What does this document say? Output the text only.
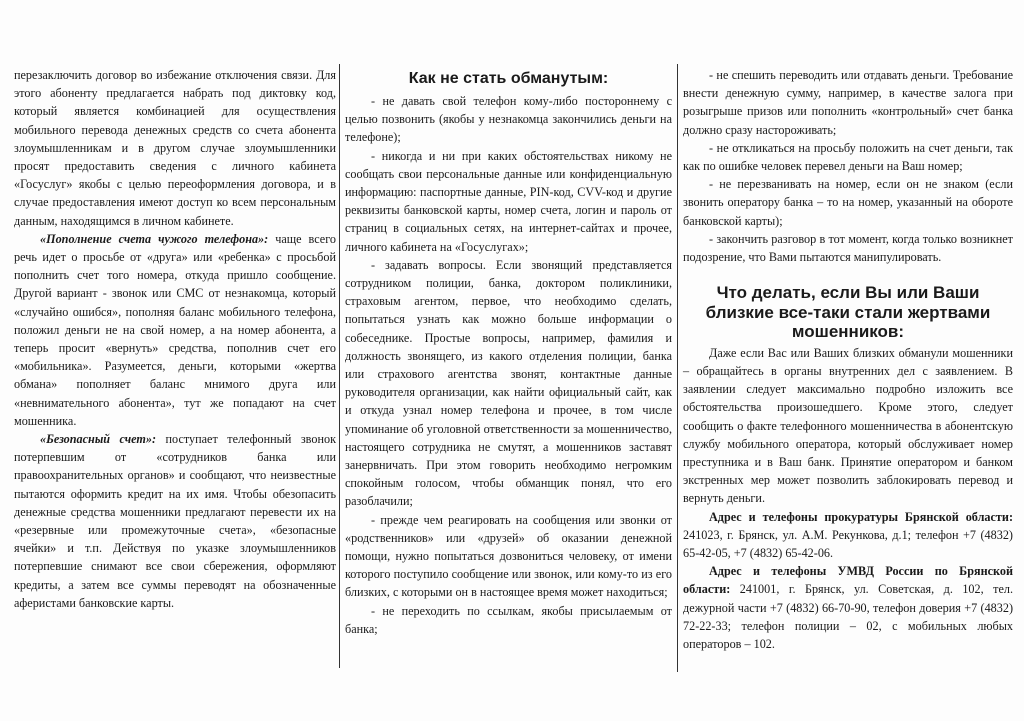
перезаключить договор во избежание отключения связи. Для этого абоненту предлагается набрать под диктовку код, который является комбинацией для осуществления мобильного перевода денежных средств со счета абонента злоумышленникам и в другом случае злоумышленники просят предоставить сведения с личного кабинета «Госуслуг» якобы с целью переоформления договора, и в случае предоставления имеют доступ ко всем персональным данным, находящимся в личном кабинете.

«Пополнение счета чужого телефона»: чаще всего речь идет о просьбе от «друга» или «ребенка» с просьбой пополнить счет того номера, откуда пришло сообщение. Другой вариант - звонок или СМС от незнакомца, который «случайно ошибся», пополняя баланс мобильного телефона, положил деньги не на свой номер, а на номер абонента, а теперь просит «вернуть» средства, пополнив счет его «мобильника». Разумеется, деньги, которыми «жертва обмана» пополняет баланс мнимого друга или «невнимательного абонента», тут же попадают на счет мошенника.

«Безопасный счет»: поступает телефонный звонок потерпевшим от «сотрудников банка или правоохранительных органов» и сообщают, что неизвестные пытаются оформить кредит на их имя. Чтобы обезопасить денежные средства мошенники предлагают перевести их на «резервные или промежуточные счета», «безопасные ячейки» и т.п. Действуя по указке злоумышленников потерпевшие снимают все свои сбережения, оформляют кредиты, а затем все суммы переводят на обозначенные аферистами банковские карты.

Как не стать обманутым:

- не давать свой телефон кому-либо постороннему с целью позвонить (якобы у незнакомца закончились деньги на телефоне);

- никогда и ни при каких обстоятельствах никому не сообщать свои персональные данные или конфиденциальную информацию: паспортные данные, PIN-код, CVV-код и другие реквизиты банковской карты, номер счета, логин и пароль от страниц в социальных сетях, на интернет-сайтах и прочее, личного кабинета на «Госуслугах»;

- задавать вопросы. Если звонящий представляется сотрудником полиции, банка, доктором поликлиники, страховым агентом, первое, что необходимо сделать, попытаться узнать как можно больше информации о собеседнике. Простые вопросы, например, фамилия и должность звонящего, из какого отделения полиции, банка или страхового агентства звонят, контактные данные руководителя организации, как найти официальный сайт, как и откуда узнал номер телефона и прочее, в том числе упоминание об уголовной ответственности за мошенничество, настоящего сотрудника не смутят, а мошенников заставят занервничать. При этом говорить необходимо негромким спокойным голосом, чтобы обманщик понял, что его разоблачили;

- прежде чем реагировать на сообщения или звонки от «родственников» или «друзей» об оказании денежной помощи, нужно попытаться дозвониться человеку, от имени которого поступило сообщение или звонок, или кому-то из его близких, с которыми он в настоящее время может находиться;

- не переходить по ссылкам, якобы присылаемым от банка;

- не спешить переводить или отдавать деньги. Требование внести денежную сумму, например, в качестве залога при розыгрыше призов или пополнить «контрольный» счет банка должно сразу настороживать;

- не откликаться на просьбу положить на счет деньги, так как по ошибке человек перевел деньги на Ваш номер;

- не перезванивать на номер, если он не знаком (если звонить оператору банка – то на номер, указанный на обороте банковской карты);

- закончить разговор в тот момент, когда только возникнет подозрение, что Вами пытаются манипулировать.

Что делать, если Вы или Ваши близкие все-таки стали жертвами мошенников:

Даже если Вас или Ваших близких обманули мошенники – обращайтесь в органы внутренних дел с заявлением. В заявлении следует максимально подробно изложить все обстоятельства произошедшего. Кроме этого, следует сообщить о факте телефонного мошенничества в абонентскую службу мобильного оператора, который обслуживает номер преступника и в Ваш банк. Принятие оператором и банком экстренных мер может позволить заблокировать перевод и вернуть деньги.

Адрес и телефоны прокуратуры Брянской области: 241023, г. Брянск, ул. А.М. Рекункова, д.1; телефон +7 (4832) 65-42-05, +7 (4832) 65-42-06.

Адрес и телефоны УМВД России по Брянской области: 241001, г. Брянск, ул. Советская, д. 102, тел. дежурной части +7 (4832) 66-70-90, телефон доверия +7 (4832) 72-22-33; телефон полиции – 02, с мобильных любых операторов – 102.
